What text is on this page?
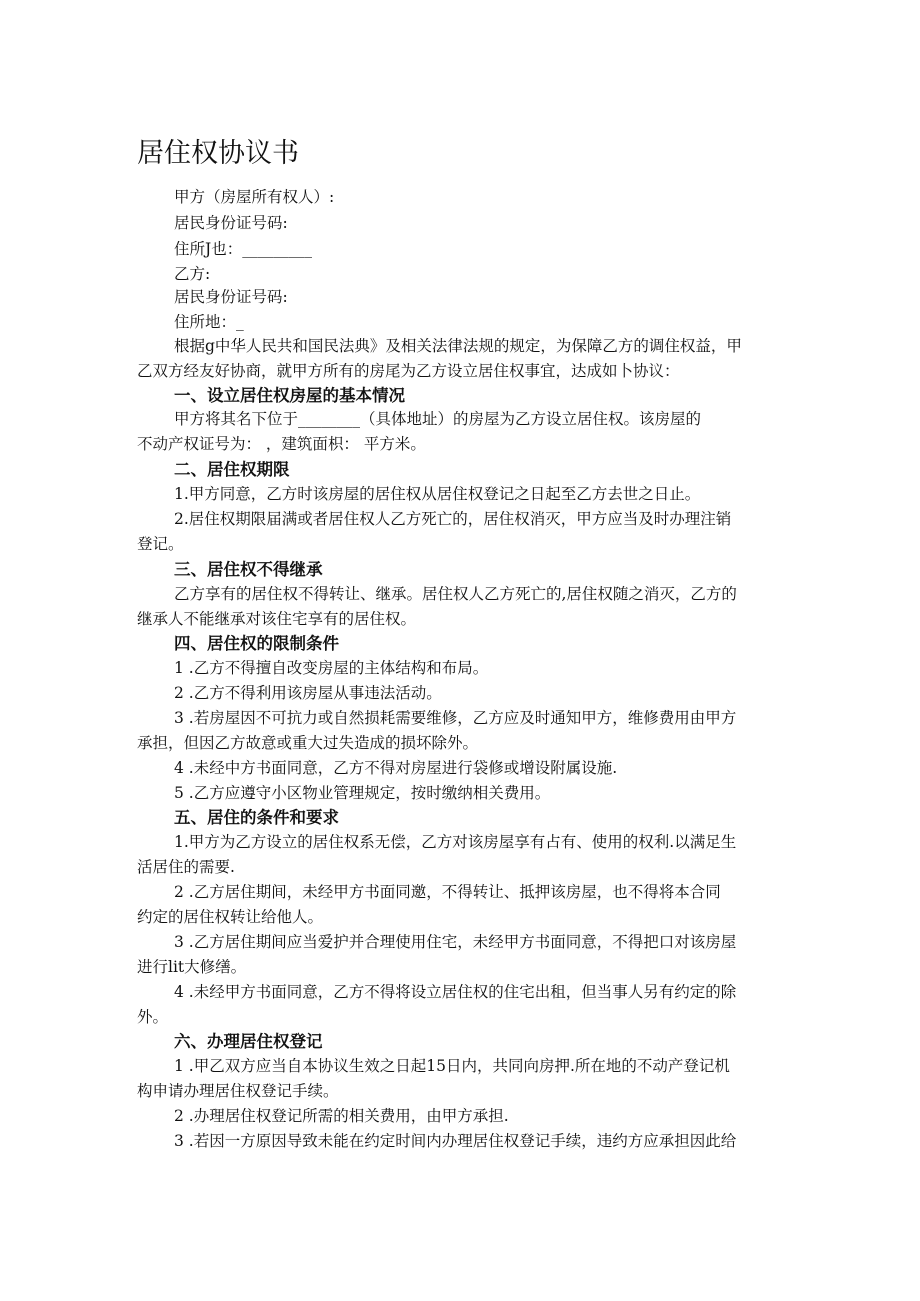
居住权协议书

甲方（房屋所有权人）:

居民身份证号码:

住所J也：_________

乙方:

居民身份证号码:

住所地：_

根据g中华人民共和国民法典》及相关法律法规的规定，为保障乙方的调住权益，甲

乙双方经友好协商，就甲方所有的房尾为乙方设立居住权事宜，达成如卜协议：

一、设立居住权房屋的基本情况

甲方将其名下位于________（具体地址）的房屋为乙方设立居住权。该房屋的

不动产权证号为： ，建筑面枳： 平方米。

二、居住权期限

1.甲方同意，乙方时该房屋的居住权从居住权登记之日起至乙方去世之日止。

2.居住权期限届满或者居住权人乙方死亡的，居住权消灭，甲方应当及时办理注销

登记。

三、居住权不得继承

乙方享有的居住权不得转让、继承。居住权人乙方死亡的,居住权随之消灭，乙方的

继承人不能继承对该住宅享有的居住权。

四、居住权的限制条件

1 .乙方不得擅自改变房屋的主体结构和布局。

2 .乙方不得利用该房屋从事违法活动。

3 .若房屋因不可抗力或自然损耗需要维修，乙方应及时通知甲方，维修费用由甲方

承担，但因乙方故意或重大过失造成的损坏除外。

4 .未经中方书面同意，乙方不得对房屋进行袋修或增设附属设施.

5 .乙方应遵守小区物业管理规定，按时缴纳相关费用。

五、居住的条件和要求

1.甲方为乙方设立的居住权系无偿，乙方对该房屋享有占有、使用的权利.以满足生

活居住的需要.

2 .乙方居住期间，未经甲方书面同邀，不得转让、抵押该房屋，也不得将本合同

约定的居住权转让给他人。

3 .乙方居住期间应当爱护并合理使用住宅，未经甲方书面同意，不得把口对该房屋

进行lit大修缮。

4 .未经甲方书面同意，乙方不得将设立居住权的住宅出租，但当事人另有约定的除

外。

六、办理居住权登记

1 .甲乙双方应当自本协议生效之日起15日内，共同向房押.所在地的不动产登记机

构申请办理居住权登记手续。

2 .办理居住权登记所需的相关费用，由甲方承担.

3 .若因一方原因导致未能在约定时间内办理居住权登记手续，违约方应承担因此给
